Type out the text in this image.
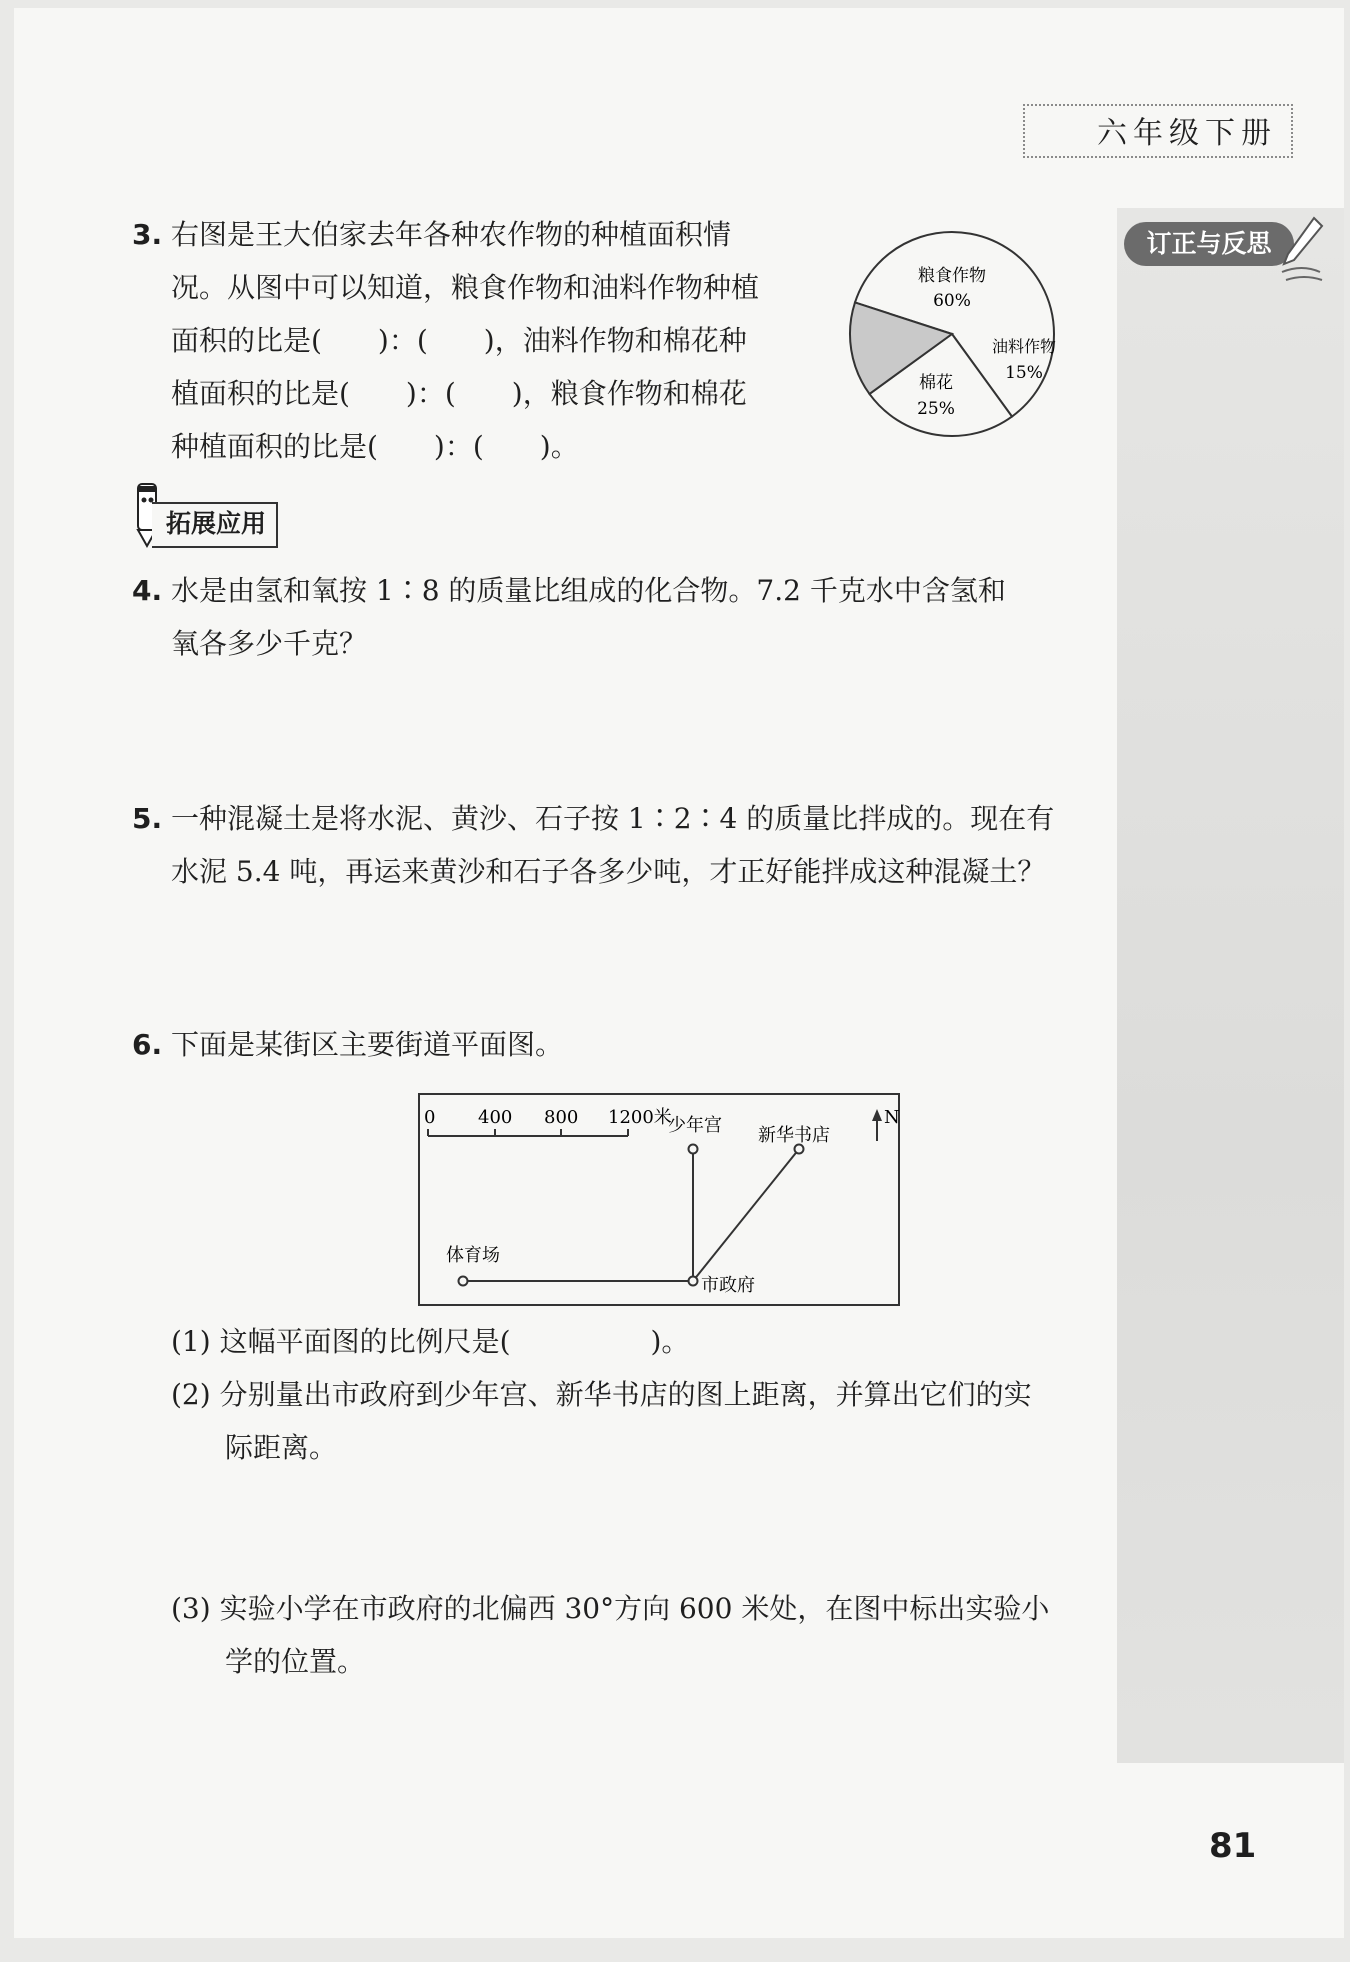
订正与反思
六年级下册
3. 右图是王大伯家去年各种农作物的种植面积情
况。从图中可以知道，粮食作物和油料作物种植
面积的比是(　　)：(　　)，油料作物和棉花种
植面积的比是(　　)：(　　)，粮食作物和棉花
种植面积的比是(　　)：(　　)。
粮食作物
60%
棉花
25%
油料作物
15%
拓展应用
4. 水是由氢和氧按 1∶8 的质量比组成的化合物。7.2 千克水中含氢和
氧各多少千克？
5. 一种混凝土是将水泥、黄沙、石子按 1∶2∶4 的质量比拌成的。现在有
水泥 5.4 吨，再运来黄沙和石子各多少吨，才正好能拌成这种混凝土？
6. 下面是某街区主要街道平面图。
0 400 800 1200米	N
少年宫 新华书店
体育场
市政府
(1) 这幅平面图的比例尺是(　　　　　)。
(2) 分别量出市政府到少年宫、新华书店的图上距离，并算出它们的实
际距离。
(3) 实验小学在市政府的北偏西 30°方向 600 米处，在图中标出实验小
学的位置。
81
